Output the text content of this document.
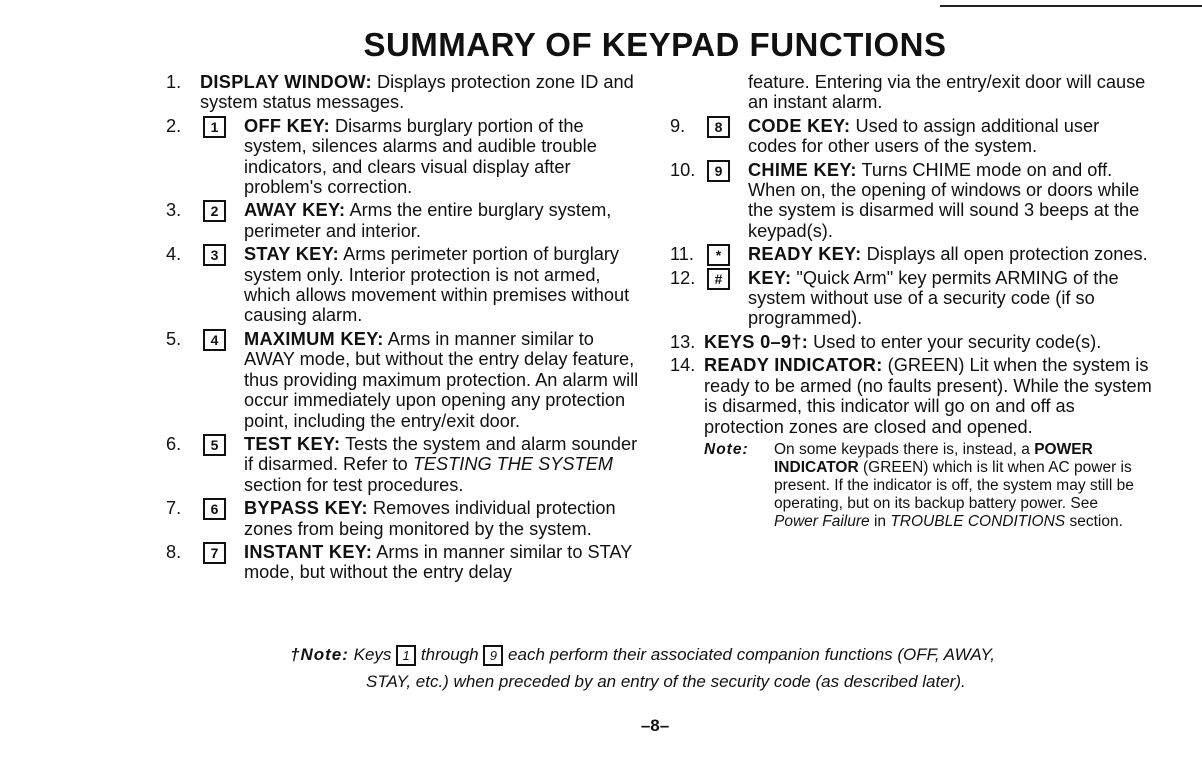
SUMMARY OF KEYPAD FUNCTIONS
1. DISPLAY WINDOW: Displays protection zone ID and system status messages.
2.	1	OFF KEY: Disarms burglary portion of the system, silences alarms and audible trouble indicators, and clears visual display after problem's correction.
3.	2	AWAY KEY: Arms the entire burglary system, perimeter and interior.
4.	3	STAY KEY: Arms perimeter portion of burglary system only. Interior protection is not armed, which allows movement within premises without causing alarm.
5.	4	MAXIMUM KEY: Arms in manner similar to AWAY mode, but without the entry delay feature, thus providing maximum protection. An alarm will occur immediately upon opening any protection point, including the entry/exit door.
6.	5	TEST KEY: Tests the system and alarm sounder if disarmed. Refer to TESTING THE SYSTEM section for test procedures.
7.	6	BYPASS KEY: Removes individual protection zones from being monitored by the system.
8.	7	INSTANT KEY: Arms in manner similar to STAY mode, but without the entry delay
feature. Entering via the entry/exit door will cause an instant alarm.
9.	8	CODE KEY: Used to assign additional user codes for other users of the system.
10.	9	CHIME KEY: Turns CHIME mode on and off. When on, the opening of windows or doors while the system is disarmed will sound 3 beeps at the keypad(s).
11.	*	READY KEY: Displays all open protection zones.
12.	#	KEY: "Quick Arm" key permits ARMING of the system without use of a security code (if so programmed).
13. KEYS 0–9†: Used to enter your security code(s).
14. READY INDICATOR: (GREEN) Lit when the system is ready to be armed (no faults present). While the system is disarmed, this indicator will go on and off as protection zones are closed and opened.
Note: On some keypads there is, instead, a POWER INDICATOR (GREEN) which is lit when AC power is present. If the indicator is off, the system may still be operating, but on its backup battery power. See Power Failure in TROUBLE CONDITIONS section.
†Note: Keys 1 through 9 each perform their associated companion functions (OFF, AWAY,
STAY, etc.) when preceded by an entry of the security code (as described later).
–8–
